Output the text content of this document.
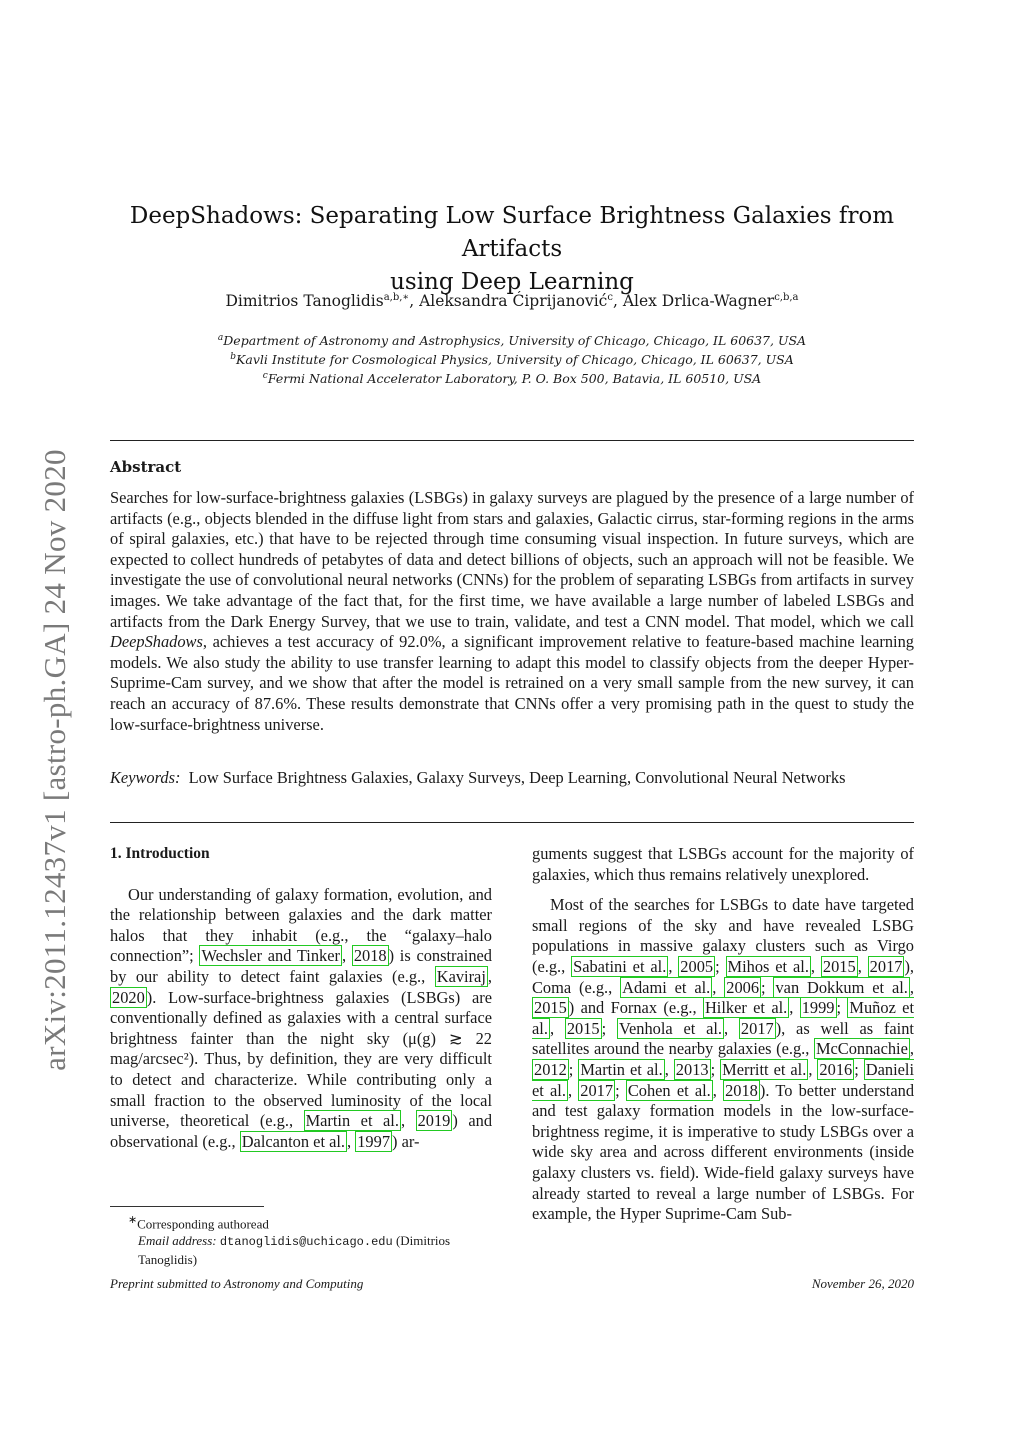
arXiv:2011.12437v1 [astro-ph.GA] 24 Nov 2020
DeepShadows: Separating Low Surface Brightness Galaxies from Artifacts
using Deep Learning
Dimitrios Tanoglidis$^{a,b,∗}$, Aleksandra Ćiprijanović$^c$, Alex Drlica-Wagner$^{c,b,a}$
$^a$Department of Astronomy and Astrophysics, University of Chicago, Chicago, IL 60637, USA
$^b$Kavli Institute for Cosmological Physics, University of Chicago, Chicago, IL 60637, USA
$^c$Fermi National Accelerator Laboratory, P. O. Box 500, Batavia, IL 60510, USA
Abstract
Searches for low-surface-brightness galaxies (LSBGs) in galaxy surveys are plagued by the presence of a large number of artifacts (e.g., objects blended in the diffuse light from stars and galaxies, Galactic cirrus, star-forming regions in the arms of spiral galaxies, etc.) that have to be rejected through time consuming visual inspection. In future surveys, which are expected to collect hundreds of petabytes of data and detect billions of objects, such an approach will not be feasible. We investigate the use of convolutional neural networks (CNNs) for the problem of separating LSBGs from artifacts in survey images. We take advantage of the fact that, for the first time, we have available a large number of labeled LSBGs and artifacts from the Dark Energy Survey, that we use to train, validate, and test a CNN model. That model, which we call DeepShadows, achieves a test accuracy of 92.0%, a significant improvement relative to feature-based machine learning models. We also study the ability to use transfer learning to adapt this model to classify objects from the deeper Hyper-Suprime-Cam survey, and we show that after the model is retrained on a very small sample from the new survey, it can reach an accuracy of 87.6%. These results demonstrate that CNNs offer a very promising path in the quest to study the low-surface-brightness universe.
Keywords: Low Surface Brightness Galaxies, Galaxy Surveys, Deep Learning, Convolutional Neural Networks

1. Introduction

Our understanding of galaxy formation, evolution, and the relationship between galaxies and the dark matter halos that they inhabit (e.g., the “galaxy–halo connection”; Wechsler and Tinker , 2018 ) is constrained by our ability to detect faint galaxies (e.g., Kaviraj , 2020 ). Low-surface-brightness galaxies (LSBGs) are conventionally defined as galaxies with a central surface brightness fainter than the night sky (μ(g) ≳ 22 mag/arcsec²). Thus, by definition, they are very difficult to detect and characterize. While contributing only a small fraction to the observed luminosity of the local universe, theoretical (e.g., Martin et al. , 2019 ) and observational (e.g., Dalcanton et al. , 1997 ) ar-

guments suggest that LSBGs account for the majority of galaxies, which thus remains relatively unexplored.

Most of the searches for LSBGs to date have targeted small regions of the sky and have revealed LSBG populations in massive galaxy clusters such as Virgo (e.g., Sabatini et al. , 2005 ; Mihos et al. , 2015 , 2017 ), Coma (e.g., Adami et al. , 2006 ; van Dokkum et al. , 2015 ) and Fornax (e.g., Hilker et al. , 1999 ; Muñoz et al. , 2015 ; Venhola et al. , 2017 ), as well as faint satellites around the nearby galaxies (e.g., McConnachie , 2012 ; Martin et al. , 2013 ; Merritt et al. , 2016 ; Danieli et al. , 2017 ; Cohen et al. , 2018 ). To better understand and test galaxy formation models in the low-surface-brightness regime, it is imperative to study LSBGs over a wide sky area and across different environments (inside galaxy clusters vs. field). Wide-field galaxy surveys have already started to reveal a large number of LSBGs. For example, the Hyper Suprime-Cam Sub-

∗Corresponding authoread
Email address: dtanoglidis@uchicago.edu (Dimitrios Tanoglidis)
Preprint submitted to Astronomy and Computing	November 26, 2020
